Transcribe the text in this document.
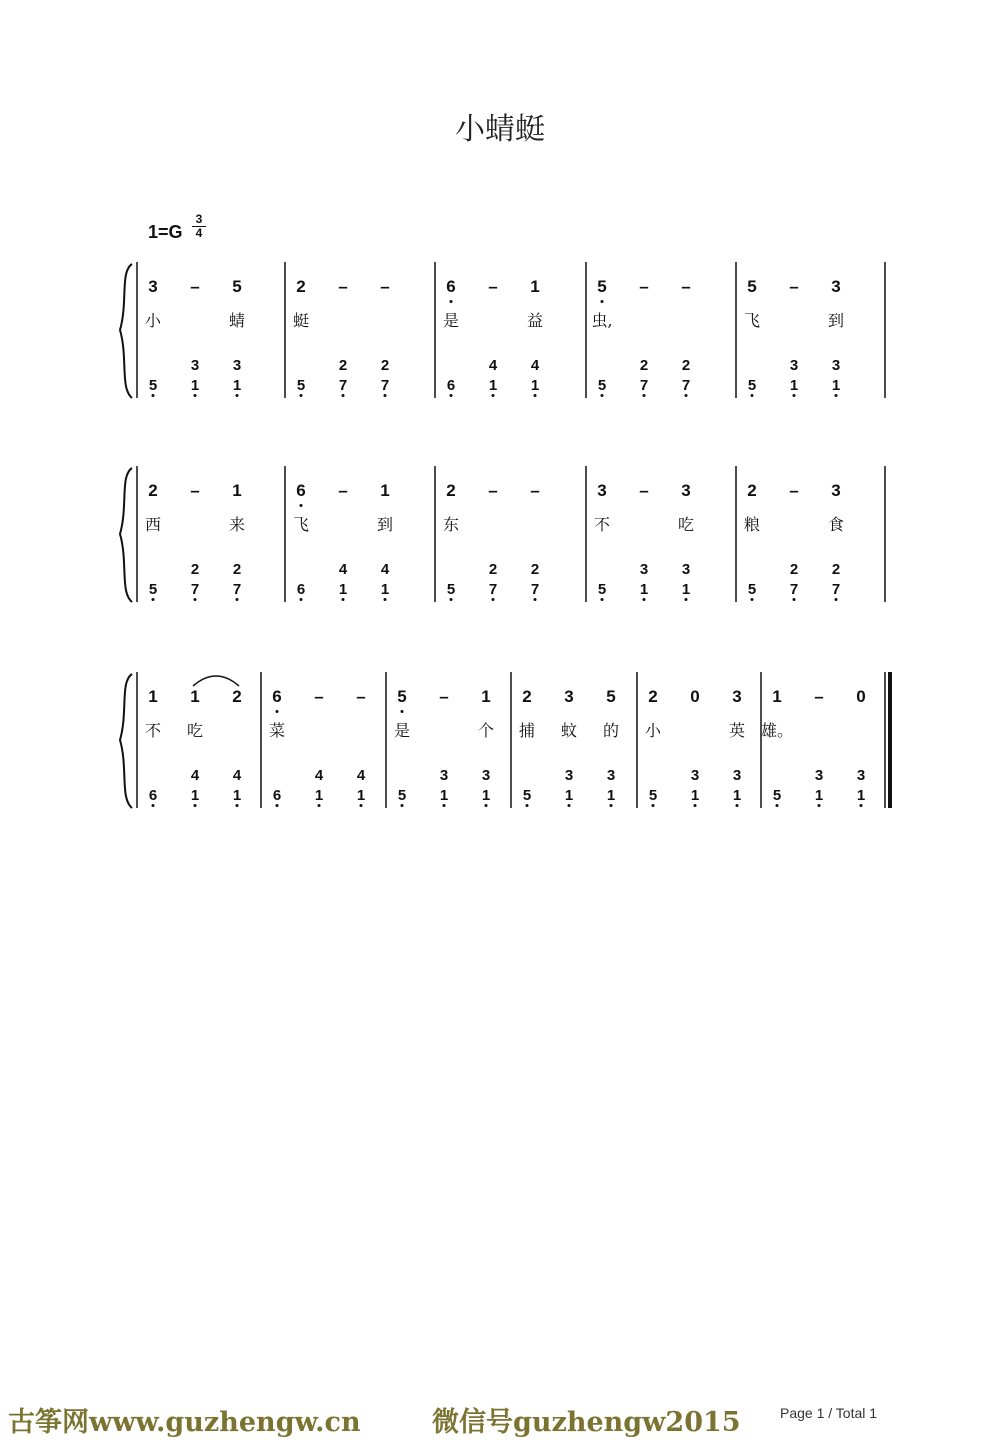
小蜻蜓
1=G
3
4
3 – 5
小	蜻
3 3
5 1 1
2 – –
蜓
2 2
5 7 7
6 – 1
是	益
4 4
6 1 1
5 – –
虫,
2 2
5 7 7
5 – 3
飞	到
3 3
5 1 1
2 – 1
西	来
2 2
5 7 7
6 – 1
飞	到
4 4
6 1 1
2 – –
东
2 2
5 7 7
3 – 3
不	吃
3 3
5 1 1
2 – 3
粮	食
2 2
5 7 7
1 1 2
不 吃
4 4
6 1 1
6 – –
菜
4 4
6 1 1
5 – 1
是	个
3 3
5 1 1
2 3 5
捕 蚊 的
3 3
5 1 1
2 0 3
小	英
3 3
5 1 1
1 – 0
雄。
3 3
5 1 1
古筝网www.guzhengw.cn	微信号guzhengw2015	Page 1 / Total 1
